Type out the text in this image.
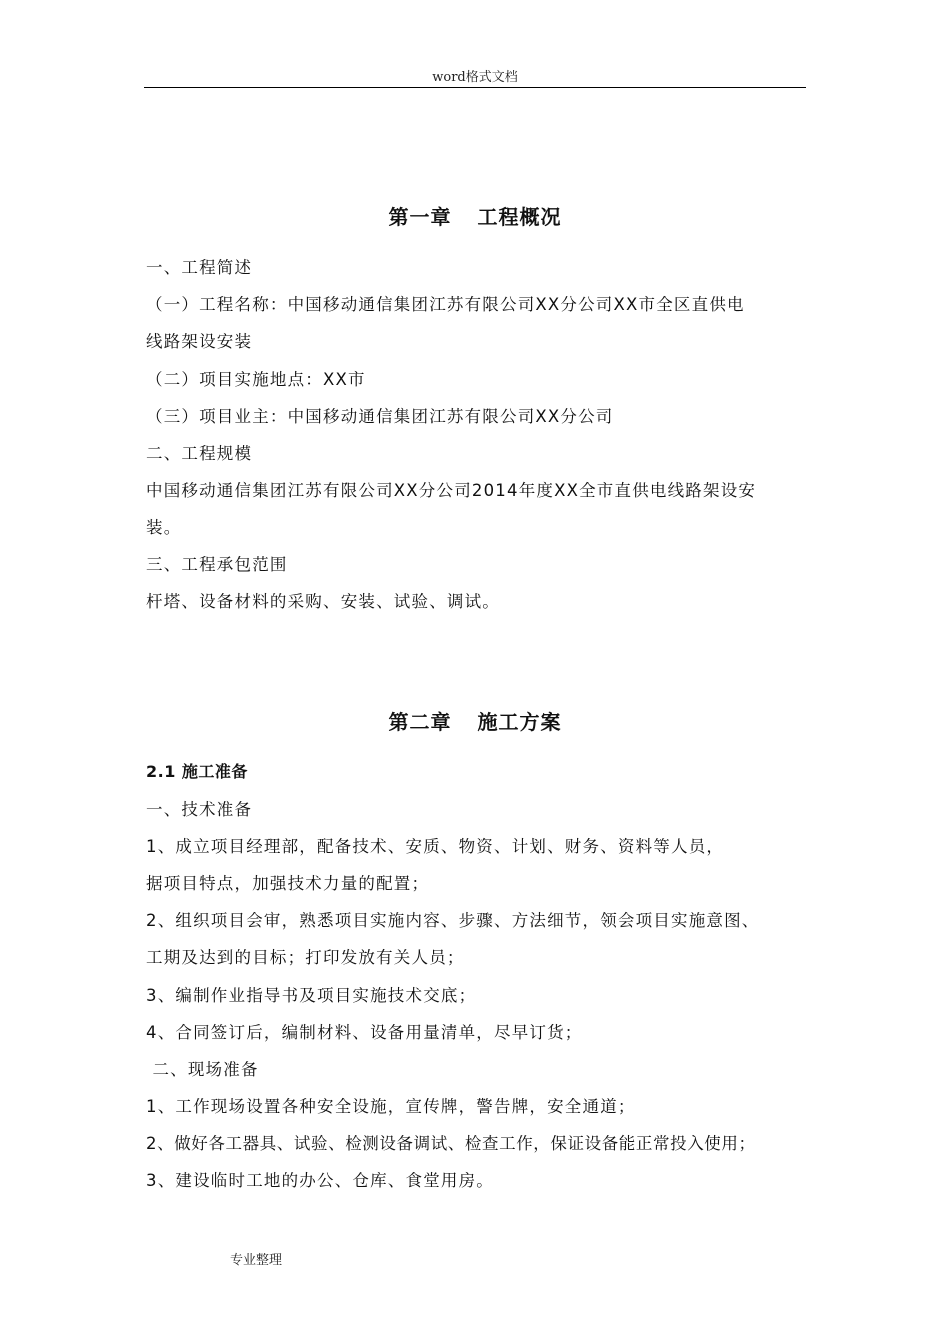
word格式文档
第一章 工程概况
一、工程简述
（一）工程名称：中国移动通信集团江苏有限公司XX分公司XX市全区直供电
线路架设安装
（二）项目实施地点：XX市
（三）项目业主：中国移动通信集团江苏有限公司XX分公司
二、工程规模
中国移动通信集团江苏有限公司XX分公司2014年度XX全市直供电线路架设安
装。
三、工程承包范围
杆塔、设备材料的采购、安装、试验、调试。
第二章 施工方案
2.1 施工准备
一、技术准备
1、成立项目经理部，配备技术、安质、物资、计划、财务、资料等人员，
据项目特点，加强技术力量的配置；
2、组织项目会审，熟悉项目实施内容、步骤、方法细节，领会项目实施意图、
工期及达到的目标；打印发放有关人员；
3、编制作业指导书及项目实施技术交底；
4、合同签订后，编制材料、设备用量清单，尽早订货；
二、现场准备
1、工作现场设置各种安全设施，宣传牌，警告牌，安全通道；
2、做好各工器具、试验、检测设备调试、检查工作，保证设备能正常投入使用；
3、建设临时工地的办公、仓库、食堂用房。
专业整理
